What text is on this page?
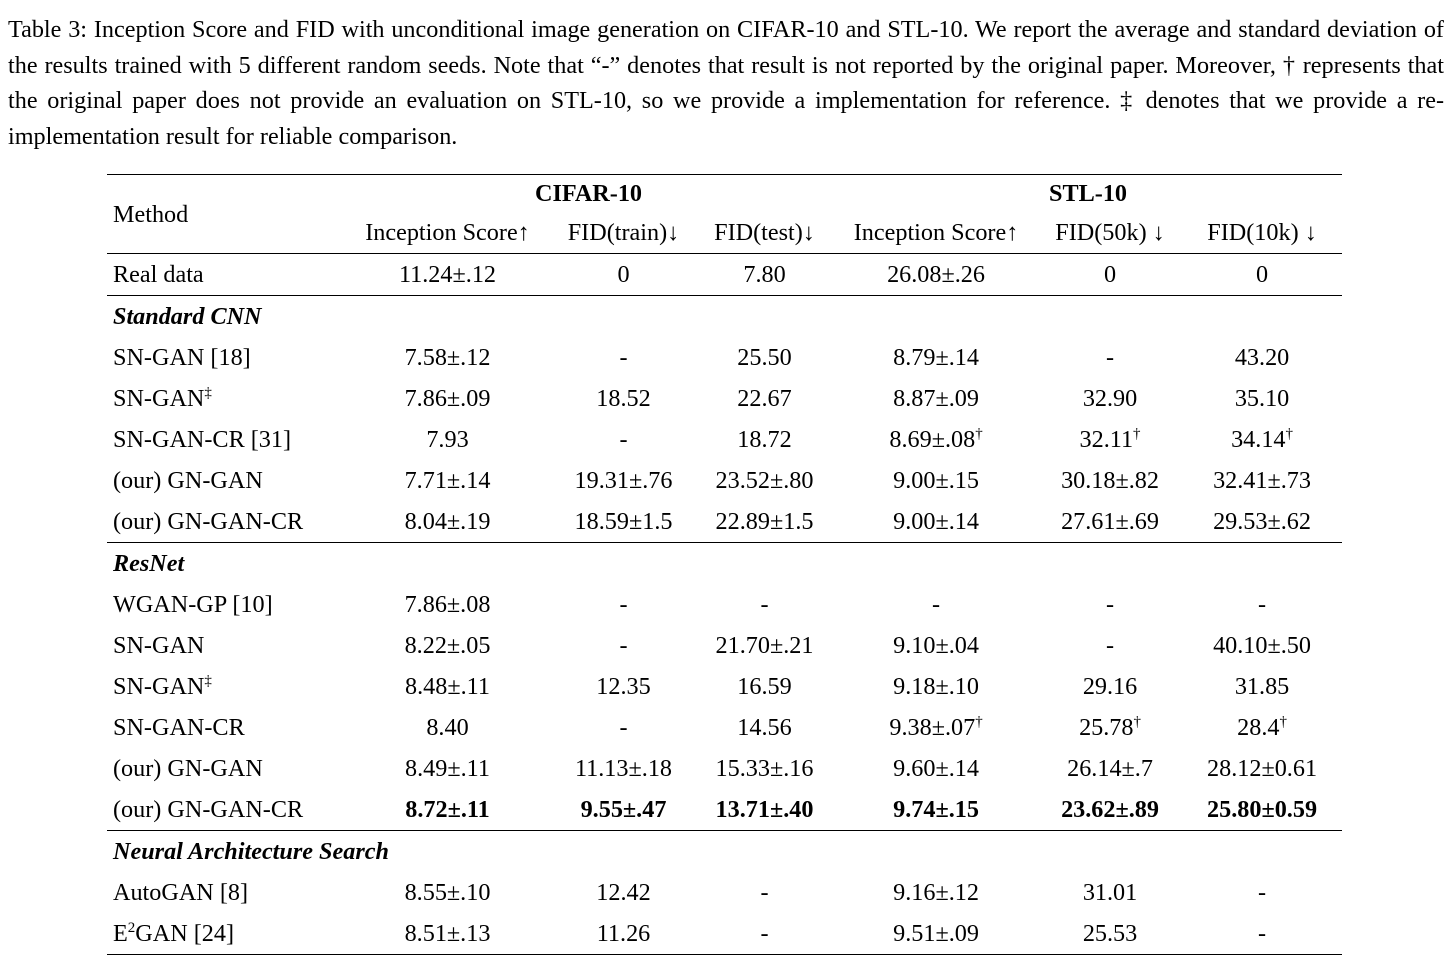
Table 3: Inception Score and FID with unconditional image generation on CIFAR-10 and STL-10. We report the average and standard deviation of the results trained with 5 different random seeds. Note that “-” denotes that result is not reported by the original paper. Moreover, † represents that the original paper does not provide an evaluation on STL-10, so we provide a implementation for reference. ‡ denotes that we provide a re-implementation result for reliable comparison.
Method	CIFAR-10			STL-10		
	Inception Score↑	FID(train)↓	FID(test)↓	Inception Score↑	FID(50k) ↓	FID(10k) ↓
Real data	11.24±.12	0	7.80	26.08±.26	0	0
Standard CNN						
SN-GAN [18]	7.58±.12	-	25.50	8.79±.14	-	43.20
SN-GAN‡	7.86±.09	18.52	22.67	8.87±.09	32.90	35.10
SN-GAN-CR [31]	7.93	-	18.72	8.69±.08†	32.11†	34.14†
(our) GN-GAN	7.71±.14	19.31±.76	23.52±.80	9.00±.15	30.18±.82	32.41±.73
(our) GN-GAN-CR	8.04±.19	18.59±1.5	22.89±1.5	9.00±.14	27.61±.69	29.53±.62
ResNet						
WGAN-GP [10]	7.86±.08	-	-	-	-	-
SN-GAN	8.22±.05	-	21.70±.21	9.10±.04	-	40.10±.50
SN-GAN‡	8.48±.11	12.35	16.59	9.18±.10	29.16	31.85
SN-GAN-CR	8.40	-	14.56	9.38±.07†	25.78†	28.4†
(our) GN-GAN	8.49±.11	11.13±.18	15.33±.16	9.60±.14	26.14±.7	28.12±0.61
(our) GN-GAN-CR	8.72±.11	9.55±.47	13.71±.40	9.74±.15	23.62±.89	25.80±0.59
Neural Architecture Search						
AutoGAN [8]	8.55±.10	12.42	-	9.16±.12	31.01	-
$E^2GAN$ [24]	8.51±.13	11.26	-	9.51±.09	25.53	-
